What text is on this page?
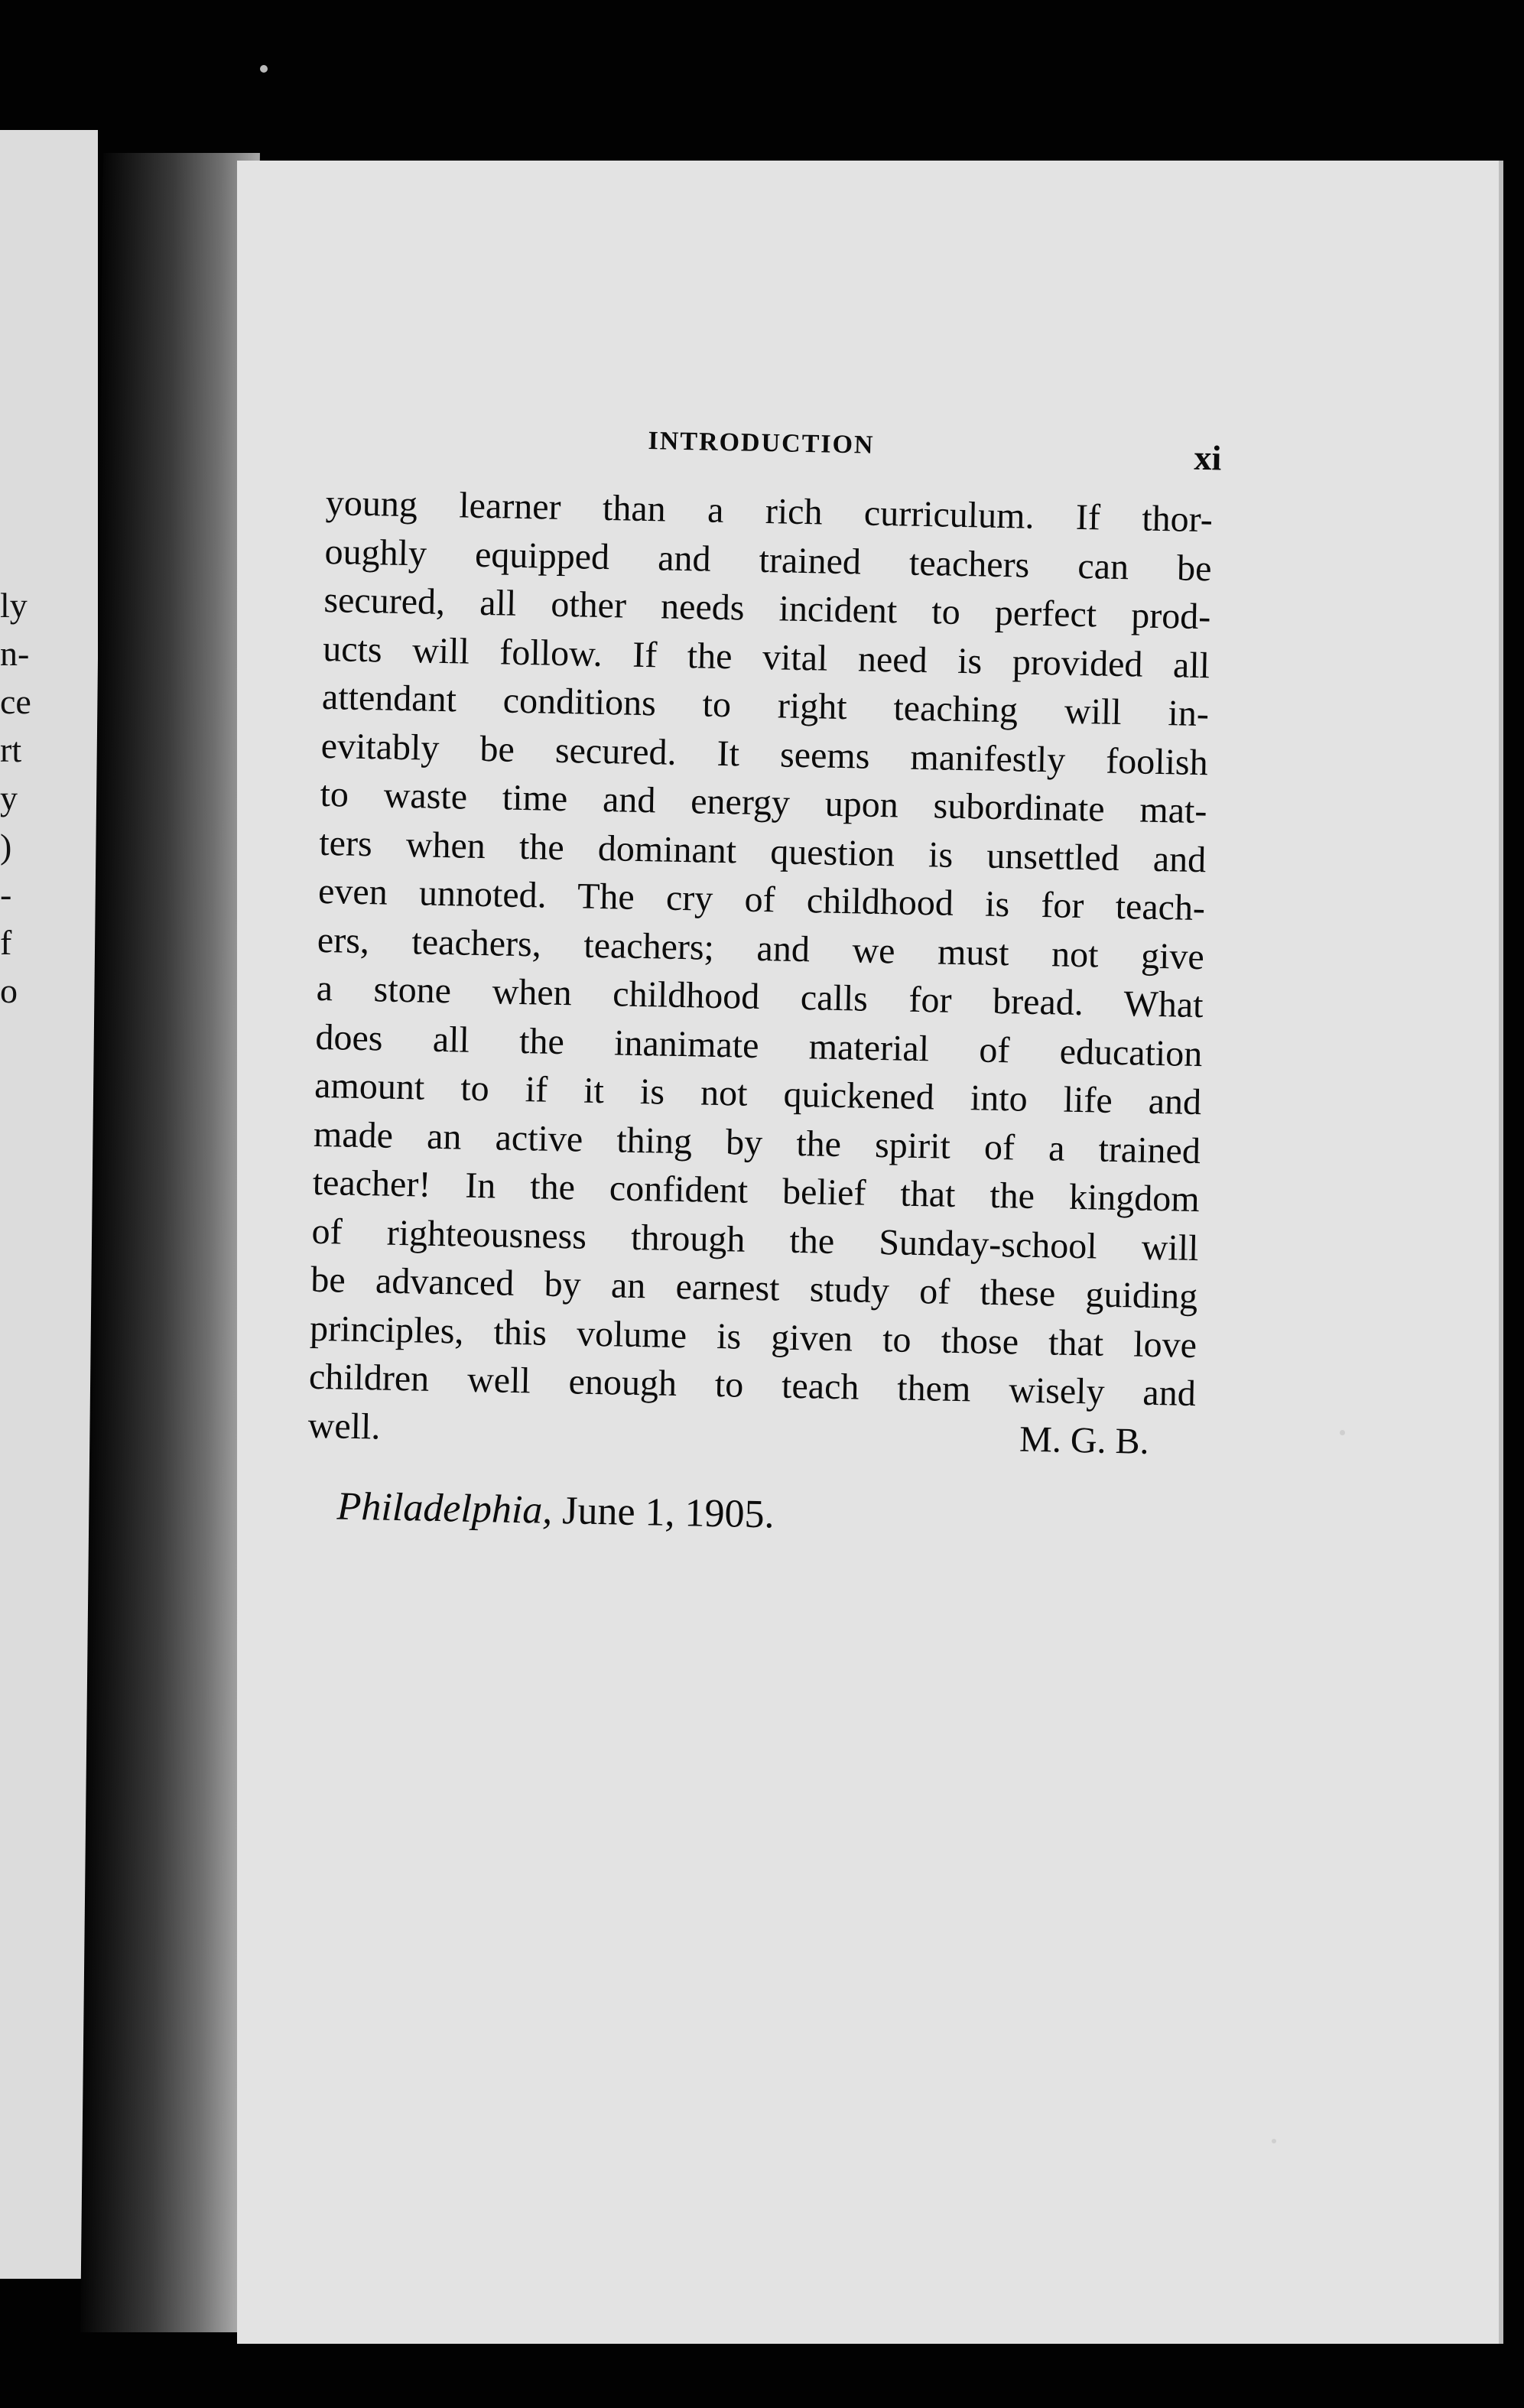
ly
n-
ce
rt
y
)
-
f
o
INTRODUCTION	xi
young learner than a rich curriculum. If thor-
oughly equipped and trained teachers can be
secured, all other needs incident to perfect prod-
ucts will follow. If the vital need is provided all
attendant conditions to right teaching will in-
evitably be secured. It seems manifestly foolish
to waste time and energy upon subordinate mat-
ters when the dominant question is unsettled and
even unnoted. The cry of childhood is for teach-
ers, teachers, teachers; and we must not give
a stone when childhood calls for bread. What
does all the inanimate material of education
amount to if it is not quickened into life and
made an active thing by the spirit of a trained
teacher! In the confident belief that the kingdom
of righteousness through the Sunday-school will
be advanced by an earnest study of these guiding
principles, this volume is given to those that love
children well enough to teach them wisely and
well.	M. G. B.
Philadelphia, June 1, 1905.
